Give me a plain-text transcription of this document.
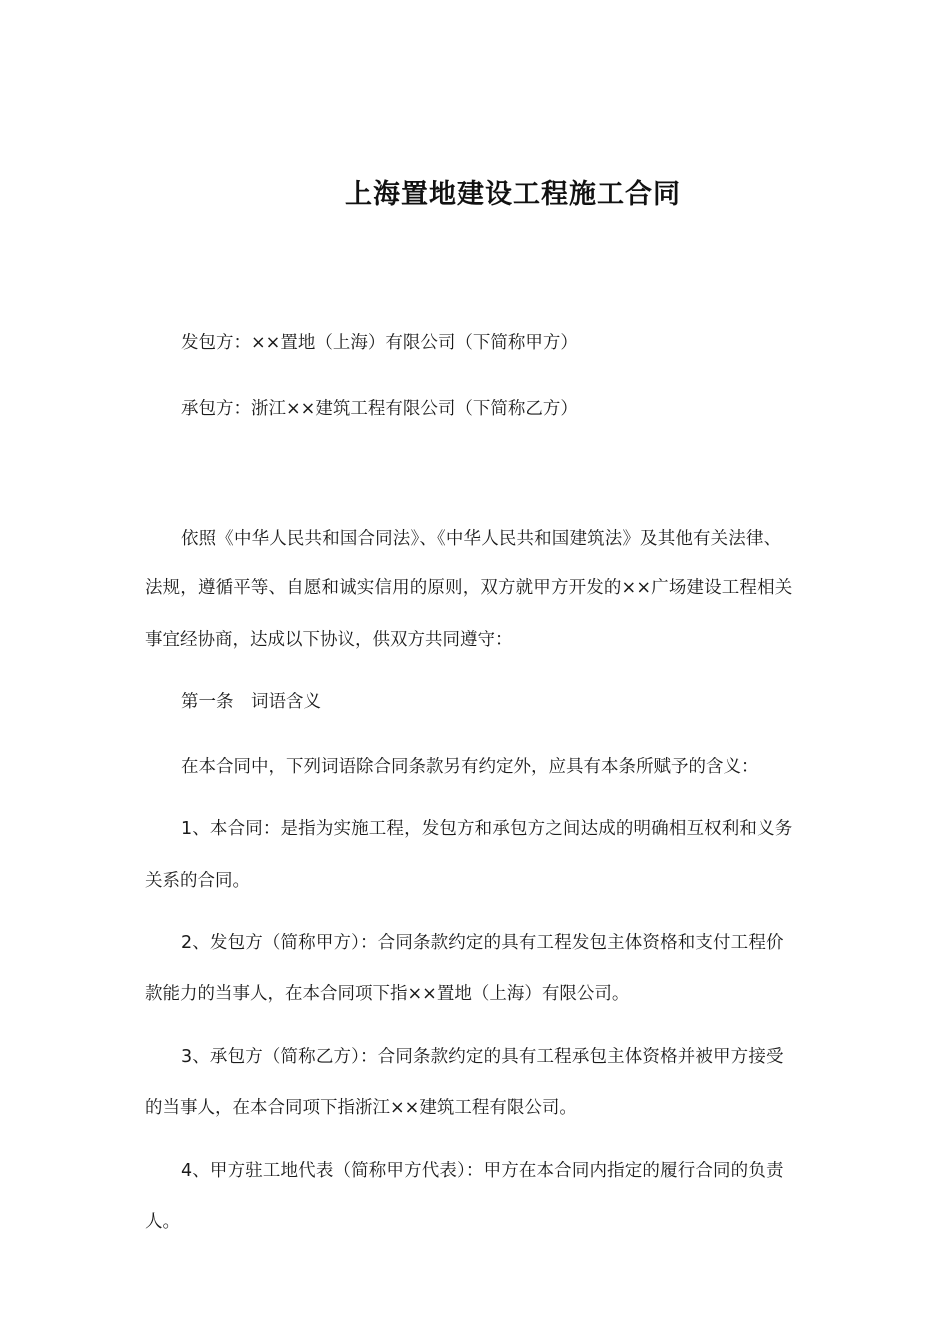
上海置地建设工程施工合同
发包方：××置地（上海）有限公司（下简称甲方）
承包方：浙江××建筑工程有限公司（下简称乙方）
依照《中华人民共和国合同法》、《中华人民共和国建筑法》及其他有关法律、
法规，遵循平等、自愿和诚实信用的原则，双方就甲方开发的××广场建设工程相关
事宜经协商，达成以下协议，供双方共同遵守：
第一条　词语含义
在本合同中，下列词语除合同条款另有约定外，应具有本条所赋予的含义：
1、本合同：是指为实施工程，发包方和承包方之间达成的明确相互权利和义务
关系的合同。
2、发包方（简称甲方）：合同条款约定的具有工程发包主体资格和支付工程价
款能力的当事人，在本合同项下指××置地（上海）有限公司。
3、承包方（简称乙方）：合同条款约定的具有工程承包主体资格并被甲方接受
的当事人，在本合同项下指浙江××建筑工程有限公司。
4、甲方驻工地代表（简称甲方代表）：甲方在本合同内指定的履行合同的负责
人。
